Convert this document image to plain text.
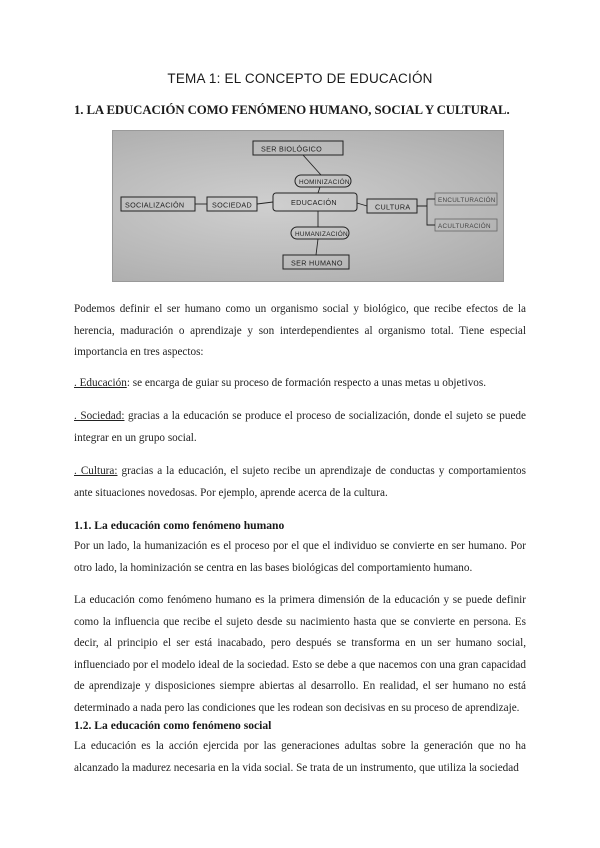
TEMA 1: EL CONCEPTO DE EDUCACIÓN
1. LA EDUCACIÓN COMO FENÓMENO HUMANO, SOCIAL Y CULTURAL.
SER BIOLÓGICO
HOMINIZACIÓN
SOCIALIZACIÓN	SOCIEDAD	EDUCACIÓN	CULTURA
ENCULTURACIÓN
ACULTURACIÓN
HUMANIZACIÓN
SER HUMANO
Podemos definir el ser humano como un organismo social y biológico, que recibe efectos de la herencia, maduración o aprendizaje y son interdependientes al organismo total. Tiene especial importancia en tres aspectos:
. Educación: se encarga de guiar su proceso de formación respecto a unas metas u objetivos.
. Sociedad: gracias a la educación se produce el proceso de socialización, donde el sujeto se puede integrar en un grupo social.
. Cultura: gracias a la educación, el sujeto recibe un aprendizaje de conductas y comportamientos ante situaciones novedosas. Por ejemplo, aprende acerca de la cultura.
1.1. La educación como fenómeno humano
Por un lado, la humanización es el proceso por el que el individuo se convierte en ser humano. Por otro lado, la hominización se centra en las bases biológicas del comportamiento humano.
La educación como fenómeno humano es la primera dimensión de la educación y se puede definir como la influencia que recibe el sujeto desde su nacimiento hasta que se convierte en persona. Es decir, al principio el ser está inacabado, pero después se transforma en un ser humano social, influenciado por el modelo ideal de la sociedad. Esto se debe a que nacemos con una gran capacidad de aprendizaje y disposiciones siempre abiertas al desarrollo. En realidad, el ser humano no está determinado a nada pero las condiciones que les rodean son decisivas en su proceso de aprendizaje.
1.2. La educación como fenómeno social
La educación es la acción ejercida por las generaciones adultas sobre la generación que no ha alcanzado la madurez necesaria en la vida social. Se trata de un instrumento, que utiliza la sociedad
